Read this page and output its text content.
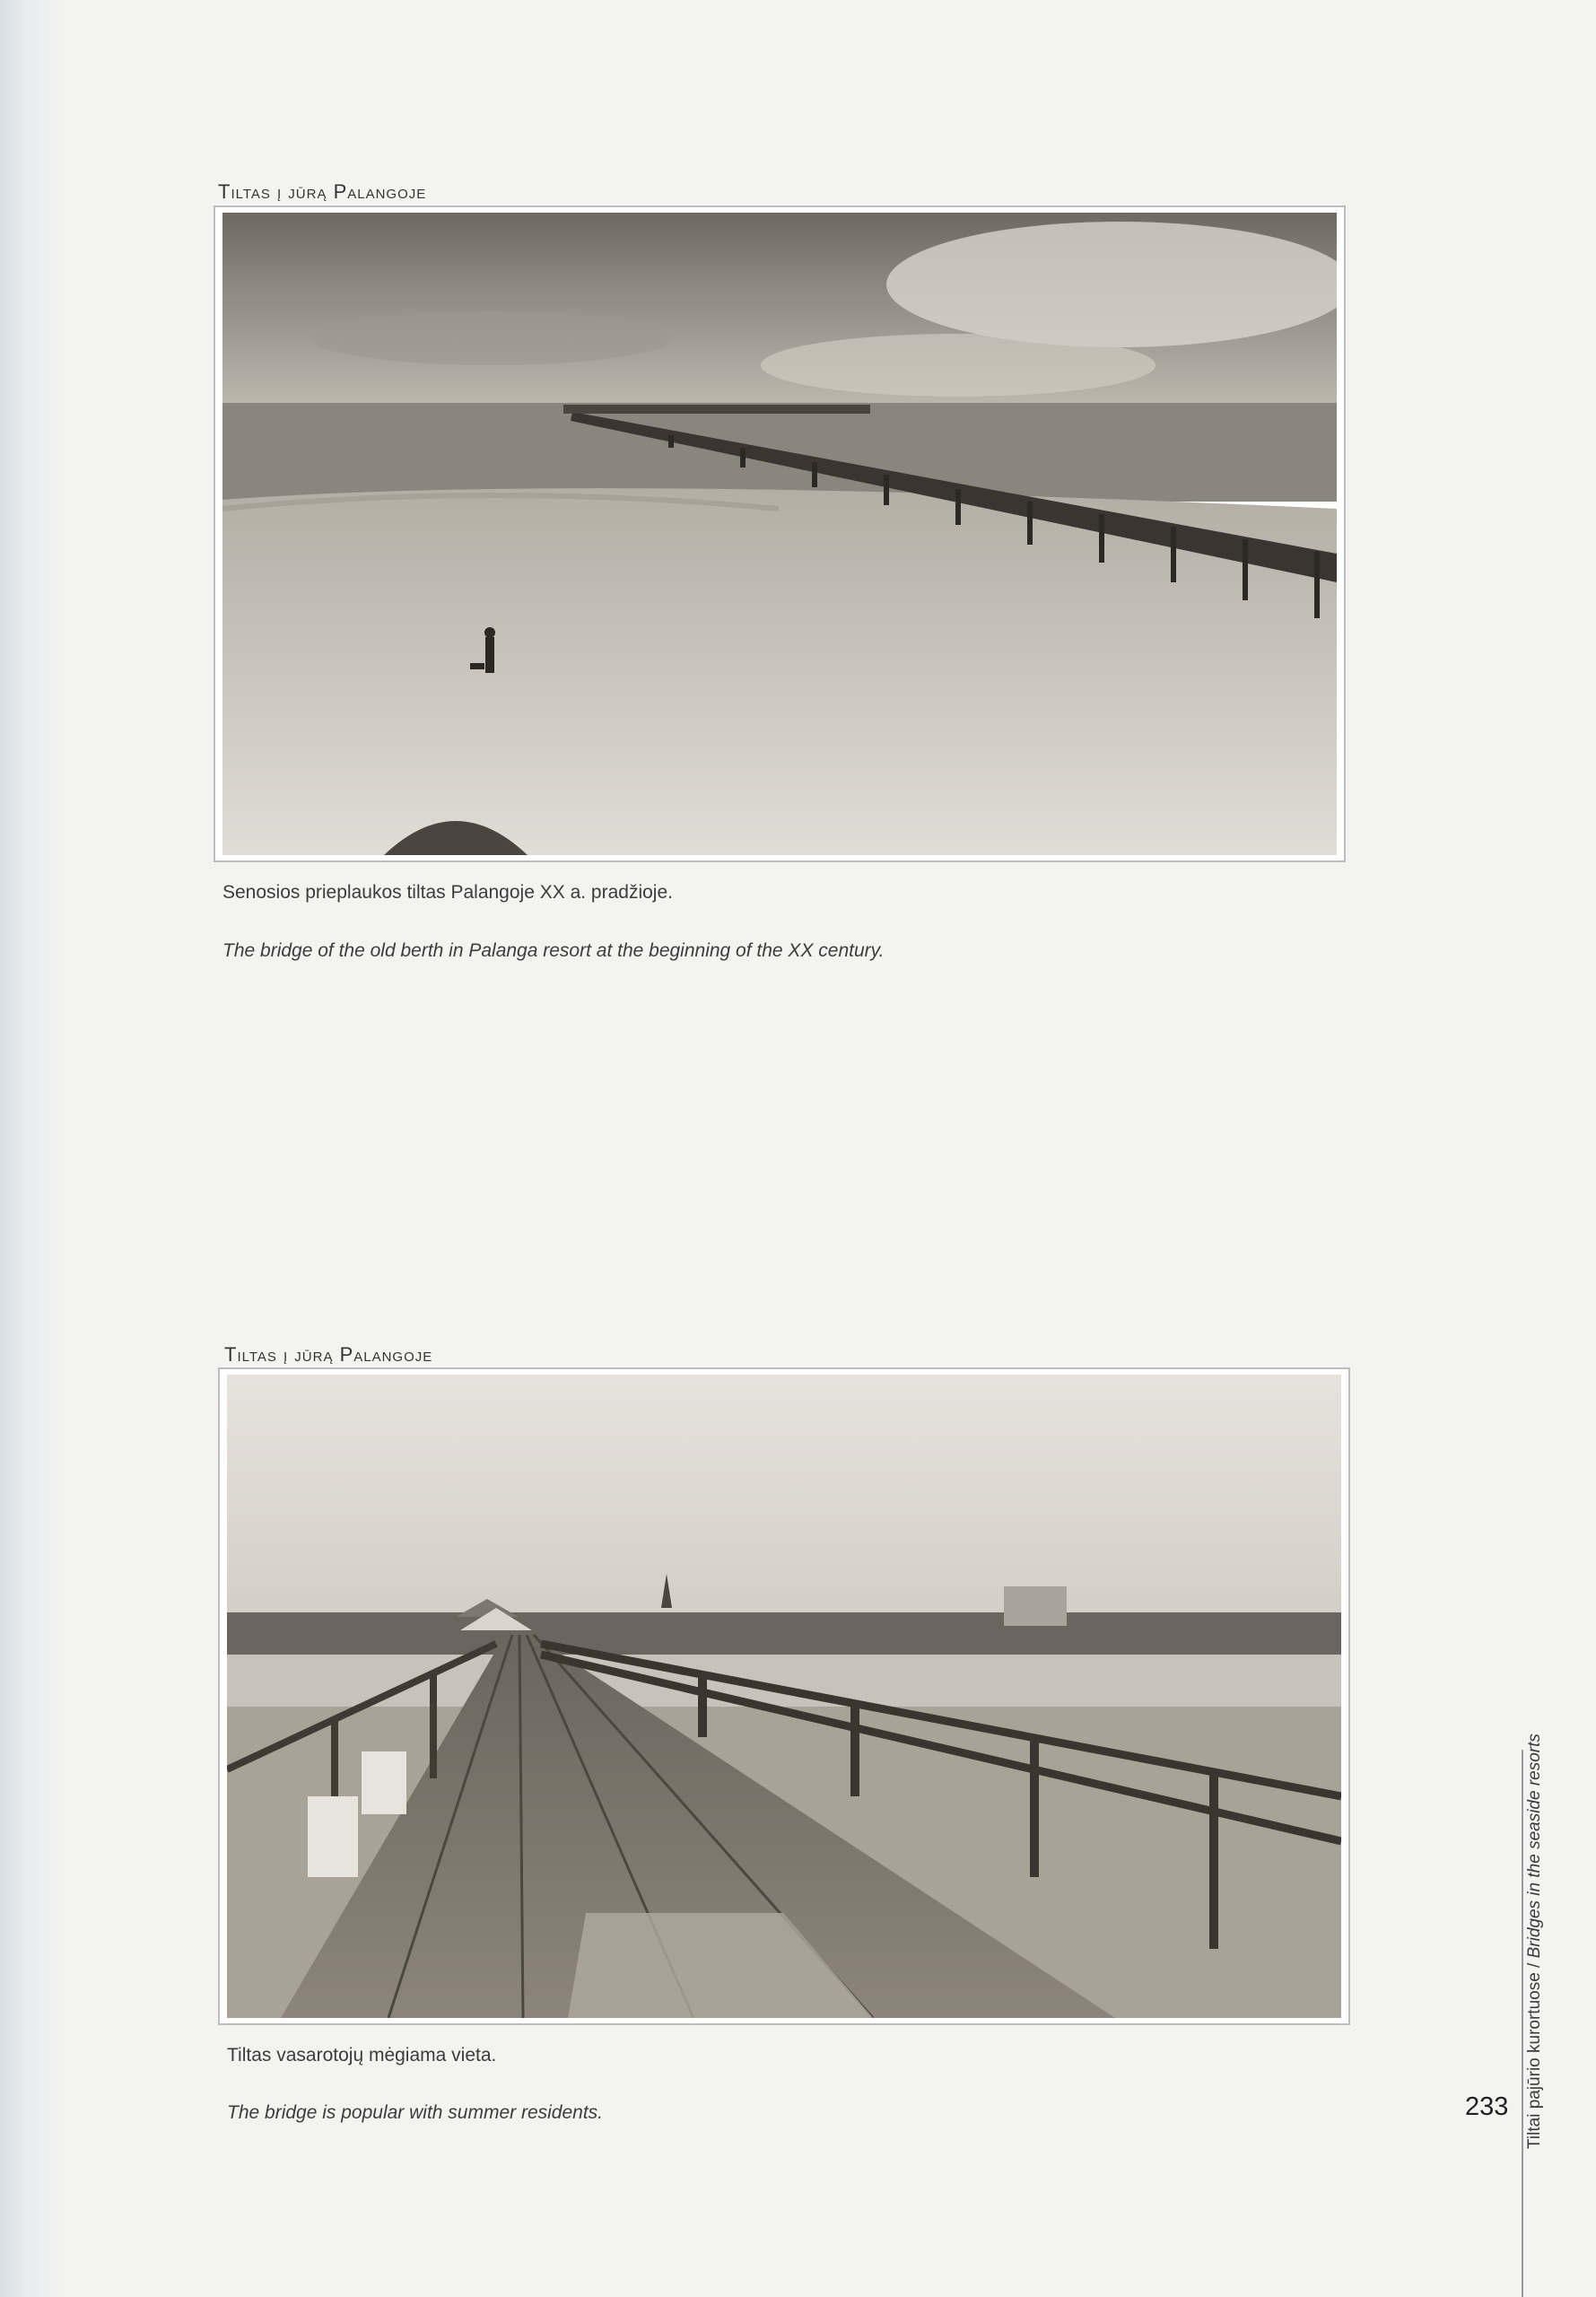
Tiltas į jūrą Palangoje
Senosios prieplaukos tiltas Palangoje XX a. pradžioje.
The bridge of the old berth in Palanga resort at the beginning of the XX century.
Tiltas į jūrą Palangoje
Tiltas vasarotojų mėgiama vieta.
The bridge is popular with summer residents.	Tiltai pajūrio kurortuose / Bridges in the seaside resorts
233
